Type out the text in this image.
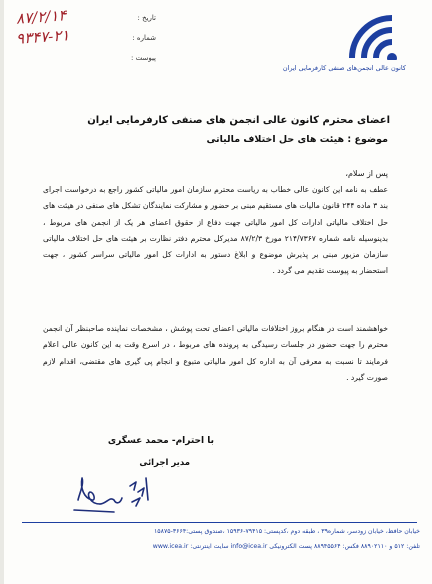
۸۷/۲/۱۴	تاریخ :
۹۳۴۷-۲۱	شماره :
پیوست :
کانون عالی انجمن‌های صنفی کارفرمایی ایران
اعضای محترم کانون عالی انجمن های صنفی کارفرمایی ایران
موضوع : هیئت های حل اختلاف مالیاتی
پس از سلام،
عطف به نامه این کانون عالی خطاب به ریاست محترم سازمان امور مالیاتی کشور راجع به درخواست اجرای بند ۳ ماده ۲۴۴ قانون مالیات های مستقیم مبنی بر حضور و مشارکت نمایندگان تشکل های صنفی در هیئت های حل اختلاف مالیاتی ادارات کل امور مالیاتی جهت دفاع از حقوق اعضای هر یک از انجمن های مربوط ، بدینوسیله نامه شماره ۲۱۴/۷۳۶۷ مورخ ۸۷/۲/۳ مدیرکل محترم دفتر نظارت بر هیئت های حل اختلاف مالیاتی سازمان مزبور مبنی بر پذیرش موضوع و ابلاغ دستور به ادارات کل امور مالیاتی سراسر کشور ، جهت استحضار به پیوست تقدیم می گردد .
خواهشمند است در هنگام بروز اختلافات مالیاتی اعضای تحت پوشش ، مشخصات نماینده صاحبنظر آن انجمن محترم را جهت حضور در جلسات رسیدگی به پرونده های مربوط ، در اسرع وقت به این کانون عالی اعلام فرمایند تا نسبت به معرفی آن به اداره کل امور مالیاتی متبوع و انجام پی گیری های مقتضی، اقدام لازم صورت گیرد .
با احترام- محمد عسگری
مدیر اجرائی
خیابان حافظ، خیابان زودسر، شماره۳۹ ، طبقه دوم ،کدپستی: ۷۹۴۱۵-۱۵۹۳۶ ،صندوق پستی:۳۶۶۴-۱۵۸۷۵
تلفن: ۵۱۲ و ۸۸۹۰۲۱۱۰ فکس: ۸۸۹۴۵۵۶۴ پست الکترونیکی info@icea.ir سایت اینترنتی: www.icea.ir
